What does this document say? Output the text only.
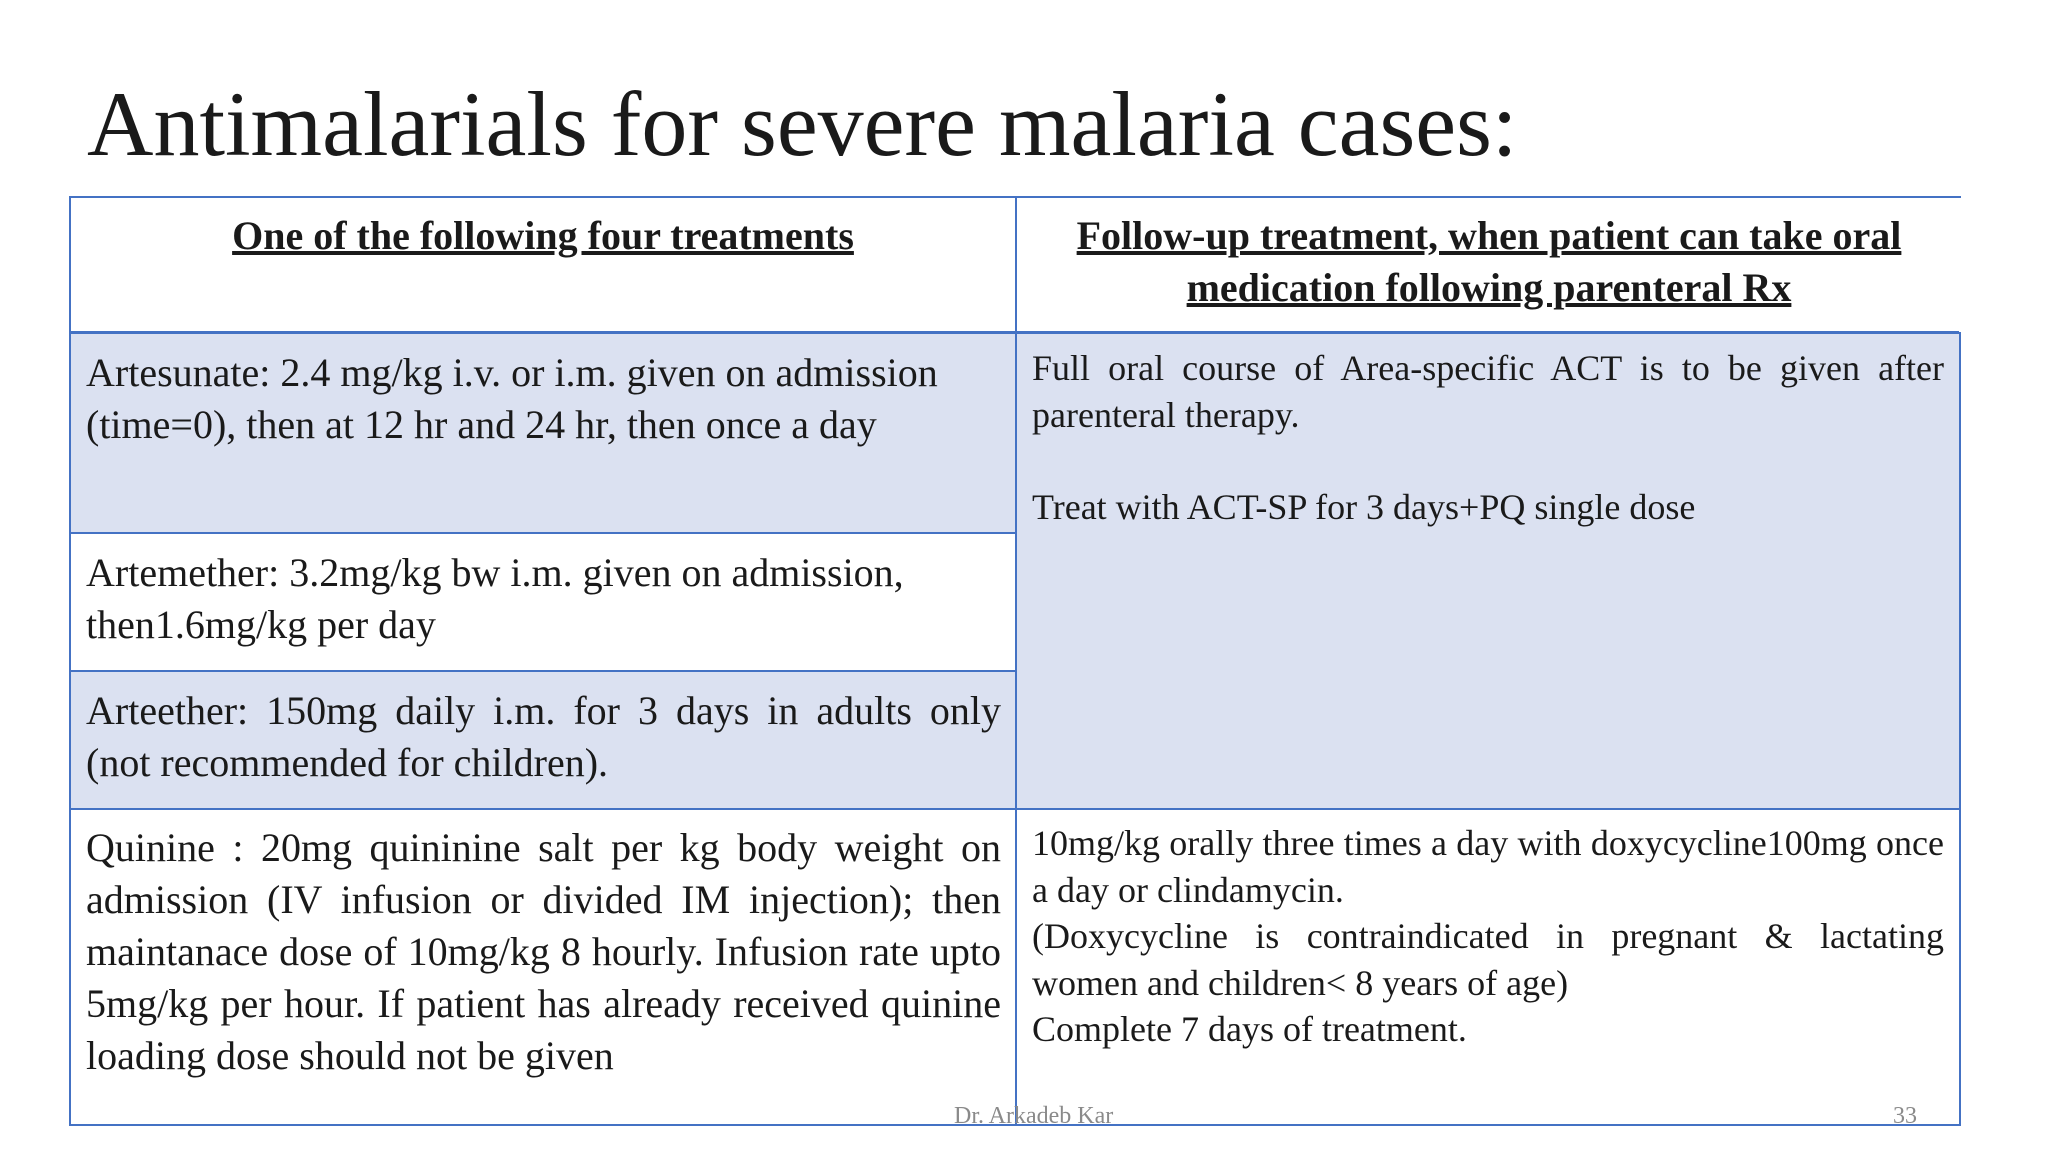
Antimalarials for severe malaria cases:

One of the following four treatments	Follow-up treatment, when patient can take oral medication following parenteral Rx

Artesunate: 2.4 mg/kg i.v. or i.m. given on admission (time=0), then at 12 hr and 24 hr, then once a day

Artemether: 3.2mg/kg bw i.m. given on admission, then1.6mg/kg per day

Arteether: 150mg daily i.m. for 3 days in adults only (not recommended for children).

Quinine : 20mg quininine salt per kg body weight on admission (IV infusion or divided IM injection); then maintanace dose of 10mg/kg 8 hourly. Infusion rate upto 5mg/kg per hour. If patient has already received quinine loading dose should not be given

Full oral course of Area-specific ACT is to be given after parenteral therapy.

Treat with ACT-SP for 3 days+PQ single dose

10mg/kg orally three times a day with doxycycline100mg once a day or clindamycin.

(Doxycycline is contraindicated in pregnant & lactating women and children< 8 years of age)

Complete 7 days of treatment.

Dr. Arkadeb Kar	33
